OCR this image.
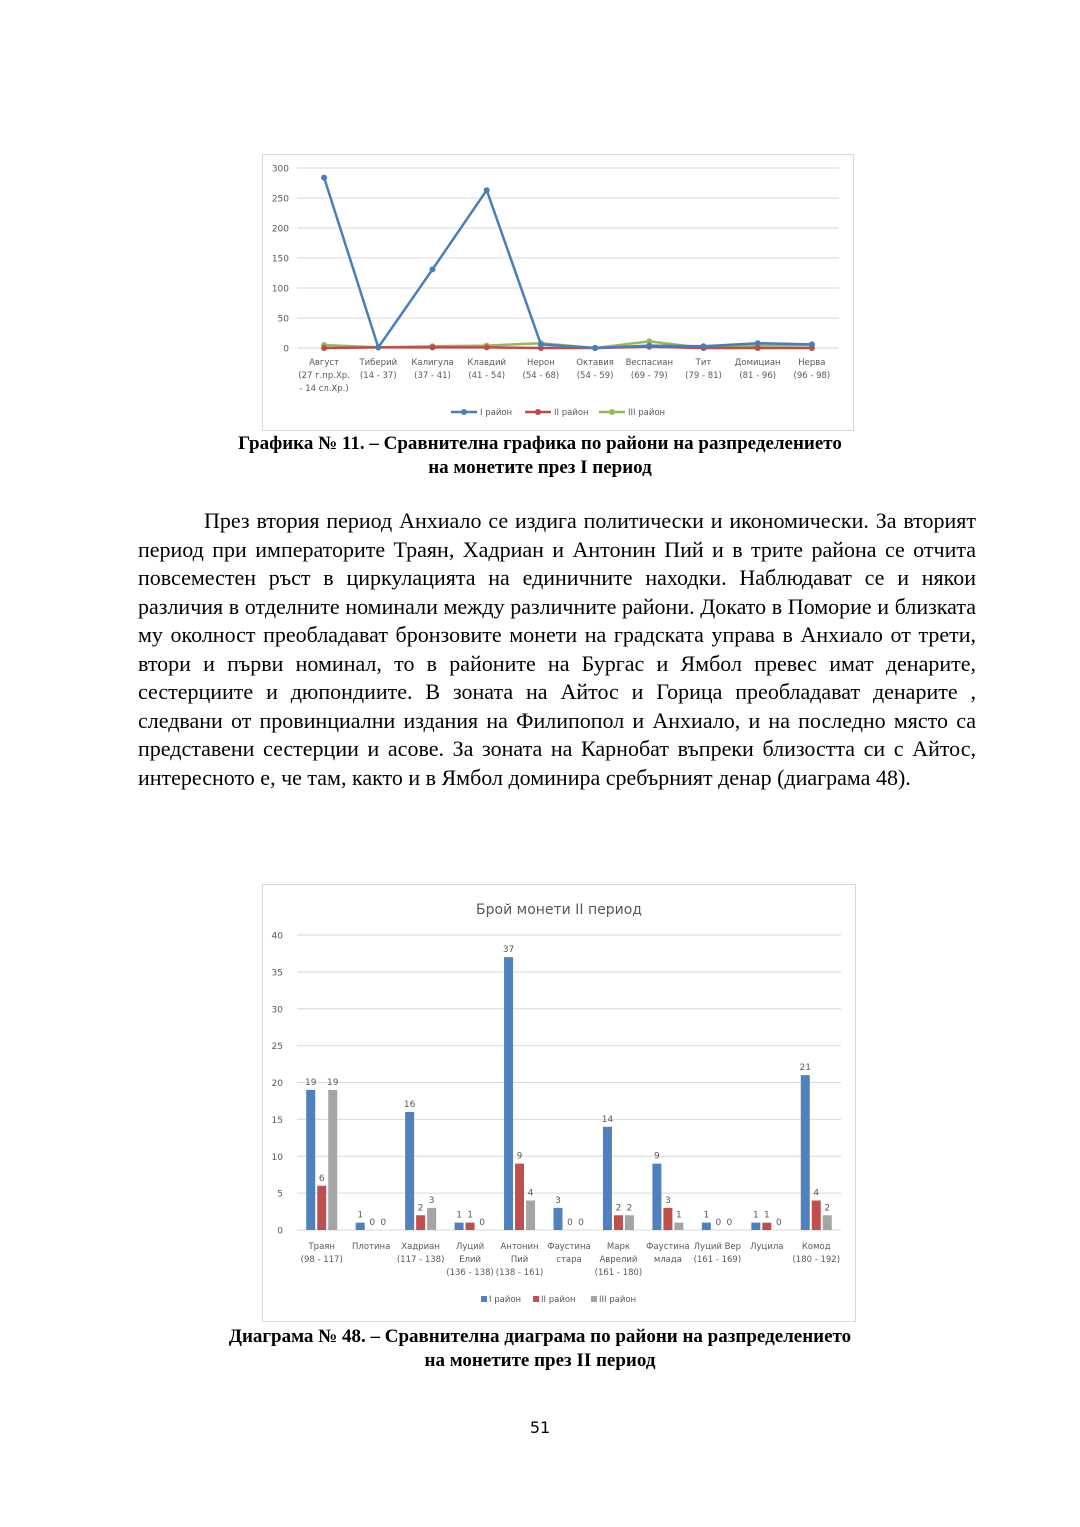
0
50
100
150
200
250
300
Август
(27 г.пр.Хр.
- 14 сл.Хр.)
Тиберий
(14 - 37)
Калигула
(37 - 41)
Клавдий
(41 - 54)
Нерон
(54 - 68)
Октавия
(54 - 59)
Веспасиан
(69 - 79)
Тит
(79 - 81)
Домициан
(81 - 96)
Нерва
(96 - 98)
I район	II район	III район
Графика № 11. – Сравнителна графика по райони на разпределението
на монетите през I период

През втория период Анхиало се издига политически и икономически. За вторият период при императорите Траян, Хадриан и Антонин Пий и в трите района се отчита повсеместен ръст в циркулацията на единичните находки. Наблюдават се и някои различия в отделните номинали между различните райони. Докато в Поморие и близката му околност преобладават бронзовите монети на градската управа в Анхиало от трети, втори и първи номинал, то в районите на Бургас и Ямбол превес имат денарите, сестерциите и дюпондиите. В зоната на Айтос и Горица преобладават денарите , следвани от провинциални издания на Филипопол и Анхиало, и на последно място са представени сестерции и асове. За зоната на Карнобат въпреки близостта си с Айтос, интересното е, че там, както и в Ямбол доминира сребърният денар (диаграма 48).

Брой монети II период
0
5
10
15
20
25
30
35
40
19
6
19
Траян
(98 - 117)
1
0 0
Плотина
16
2
3
Хадриан
(117 - 138)
1 1
0
Луций
Елий
(136 - 138)
37
9
4
Антонин
Пий
(138 - 161)
3
0 0
Фаустина
стара
14
2 2
Марк
Аврелий
(161 - 180)
9
3
1
Фаустина
млада
1
0 0
Луций Вер
(161 - 169)
1 1
0
Луцила
21
4
2
Комод
(180 - 192)
I район II район	III район
Диаграма № 48. – Сравнителна диаграма по райони на разпределението
на монетите през II период
51
